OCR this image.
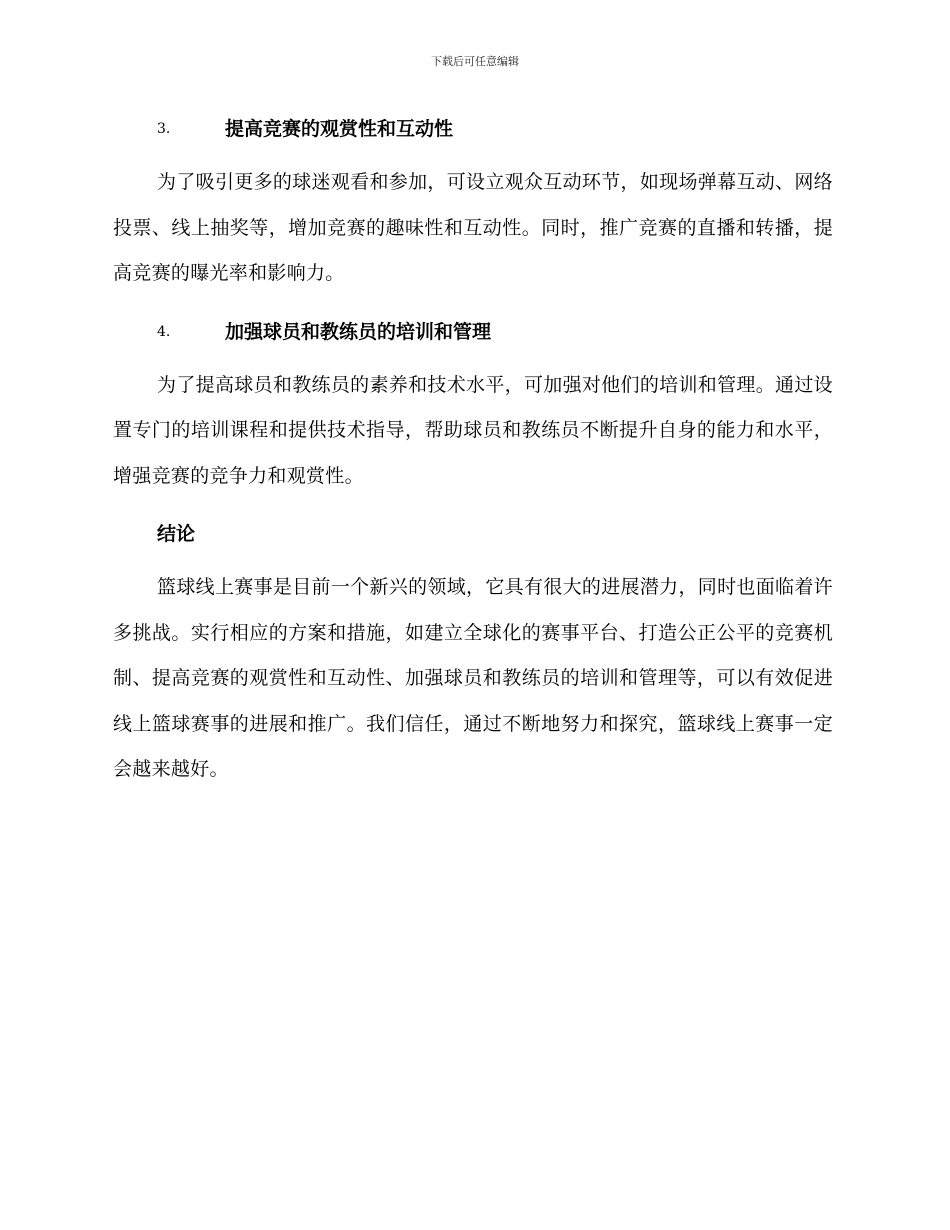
下载后可任意编辑
3.	提高竞赛的观赏性和互动性

为了吸引更多的球迷观看和参加，可设立观众互动环节，如现场弹幕互动、网络投票、线上抽奖等，增加竞赛的趣味性和互动性。同时，推广竞赛的直播和转播，提高竞赛的曝光率和影响力。

4.	加强球员和教练员的培训和管理

为了提高球员和教练员的素养和技术水平，可加强对他们的培训和管理。通过设置专门的培训课程和提供技术指导，帮助球员和教练员不断提升自身的能力和水平，增强竞赛的竞争力和观赏性。

结论

篮球线上赛事是目前一个新兴的领域，它具有很大的进展潜力，同时也面临着许多挑战。实行相应的方案和措施，如建立全球化的赛事平台、打造公正公平的竞赛机制、提高竞赛的观赏性和互动性、加强球员和教练员的培训和管理等，可以有效促进线上篮球赛事的进展和推广。我们信任，通过不断地努力和探究，篮球线上赛事一定会越来越好。
